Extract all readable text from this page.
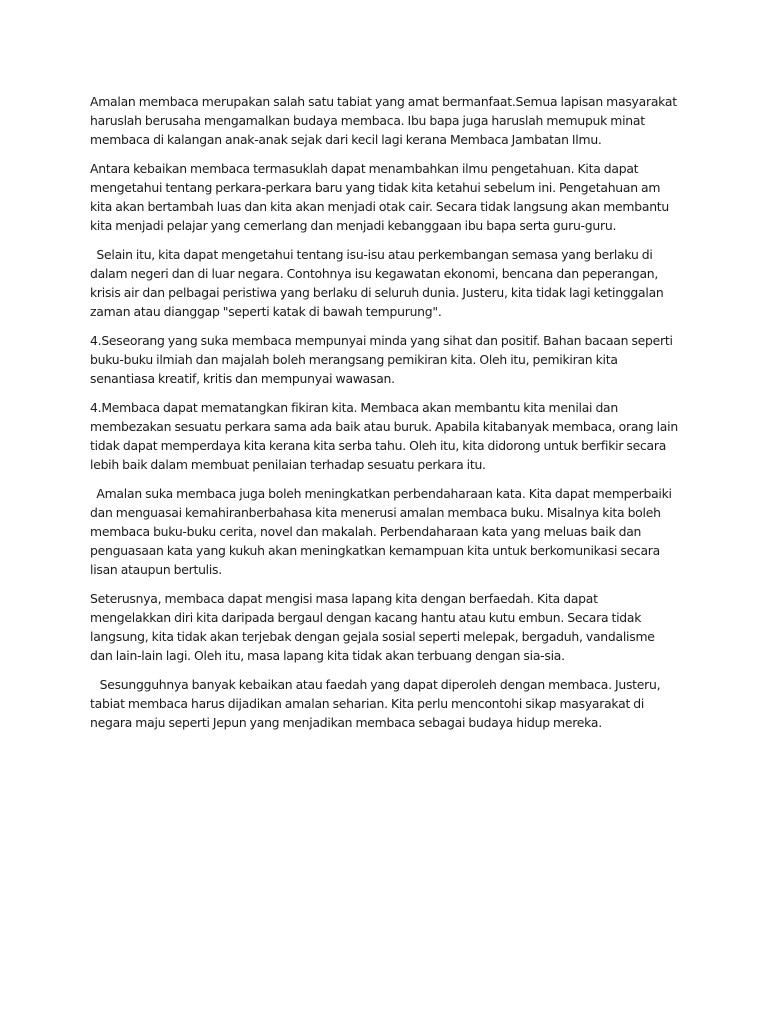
Amalan membaca merupakan salah satu tabiat yang amat bermanfaat.Semua lapisan masyarakat haruslah berusaha mengamalkan budaya membaca. Ibu bapa juga haruslah memupuk minat membaca di kalangan anak-anak sejak dari kecil lagi kerana Membaca Jambatan Ilmu.

Antara kebaikan membaca termasuklah dapat menambahkan ilmu pengetahuan. Kita dapat mengetahui tentang perkara-perkara baru yang tidak kita ketahui sebelum ini. Pengetahuan am kita akan bertambah luas dan kita akan menjadi otak cair. Secara tidak langsung akan membantu kita menjadi pelajar yang cemerlang dan menjadi kebanggaan ibu bapa serta guru-guru.

Selain itu, kita dapat mengetahui tentang isu-isu atau perkembangan semasa yang berlaku di dalam negeri dan di luar negara. Contohnya isu kegawatan ekonomi, bencana dan peperangan, krisis air dan pelbagai peristiwa yang berlaku di seluruh dunia. Justeru, kita tidak lagi ketinggalan zaman atau dianggap "seperti katak di bawah tempurung".

4.Seseorang yang suka membaca mempunyai minda yang sihat dan positif. Bahan bacaan seperti buku-buku ilmiah dan majalah boleh merangsang pemikiran kita. Oleh itu, pemikiran kita senantiasa kreatif, kritis dan mempunyai wawasan.

4.Membaca dapat mematangkan fikiran kita. Membaca akan membantu kita menilai dan membezakan sesuatu perkara sama ada baik atau buruk. Apabila kitabanyak membaca, orang lain tidak dapat memperdaya kita kerana kita serba tahu. Oleh itu, kita didorong untuk berfikir secara lebih baik dalam membuat penilaian terhadap sesuatu perkara itu.

Amalan suka membaca juga boleh meningkatkan perbendaharaan kata. Kita dapat memperbaiki dan menguasai kemahiranberbahasa kita menerusi amalan membaca buku. Misalnya kita boleh membaca buku-buku cerita, novel dan makalah. Perbendaharaan kata yang meluas baik dan penguasaan kata yang kukuh akan meningkatkan kemampuan kita untuk berkomunikasi secara lisan ataupun bertulis.

Seterusnya, membaca dapat mengisi masa lapang kita dengan berfaedah. Kita dapat mengelakkan diri kita daripada bergaul dengan kacang hantu atau kutu embun. Secara tidak langsung, kita tidak akan terjebak dengan gejala sosial seperti melepak, bergaduh, vandalisme dan lain-lain lagi. Oleh itu, masa lapang kita tidak akan terbuang dengan sia-sia.

Sesungguhnya banyak kebaikan atau faedah yang dapat diperoleh dengan membaca. Justeru, tabiat membaca harus dijadikan amalan seharian. Kita perlu mencontohi sikap masyarakat di negara maju seperti Jepun yang menjadikan membaca sebagai budaya hidup mereka.
